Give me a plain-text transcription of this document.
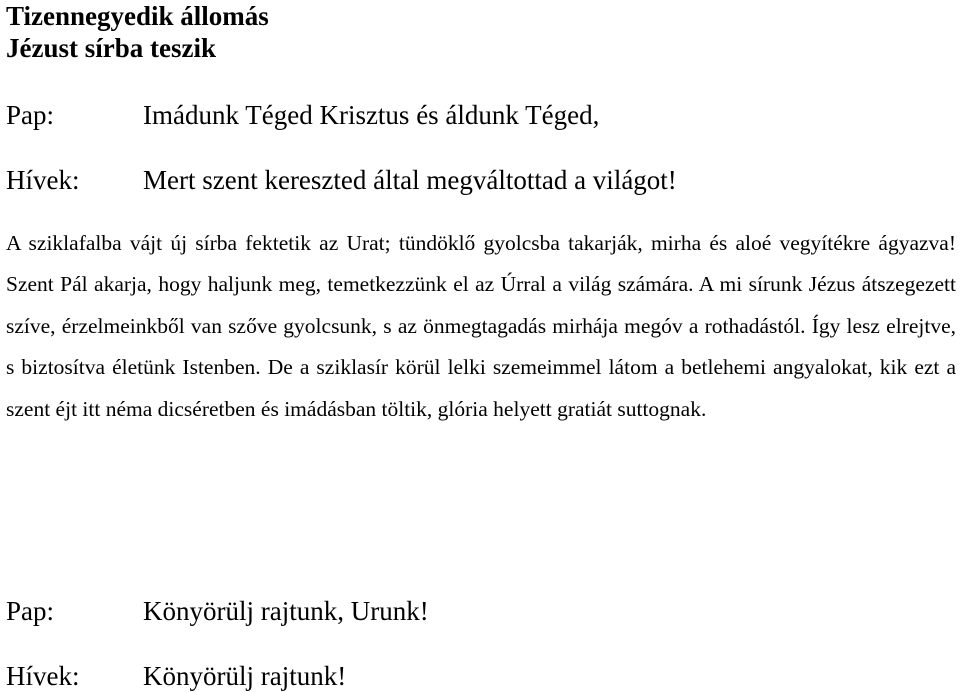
Tizennegyedik állomás
Jézust sírba teszik
Pap:	Imádunk Téged Krisztus és áldunk Téged,
Hívek:	Mert szent kereszted által megváltottad a világot!

A sziklafalba vájt új sírba fektetik az Urat; tündöklő gyolcsba takarják, mirha és aloé vegyítékre ágyazva! Szent Pál akarja, hogy haljunk meg, temetkezzünk el az Úrral a világ számára. A mi sírunk Jézus átszegezett szíve, érzelmeinkből van szőve gyolcsunk, s az önmegtagadás mirhája megóv a rothadástól. Így lesz elrejtve, s biztosítva életünk Istenben. De a sziklasír körül lelki szemeimmel látom a betlehemi angyalokat, kik ezt a szent éjt itt néma dicséretben és imádásban töltik, glória helyett gratiát suttognak.

Pap:	Könyörülj rajtunk, Urunk!
Hívek:	Könyörülj rajtunk!
